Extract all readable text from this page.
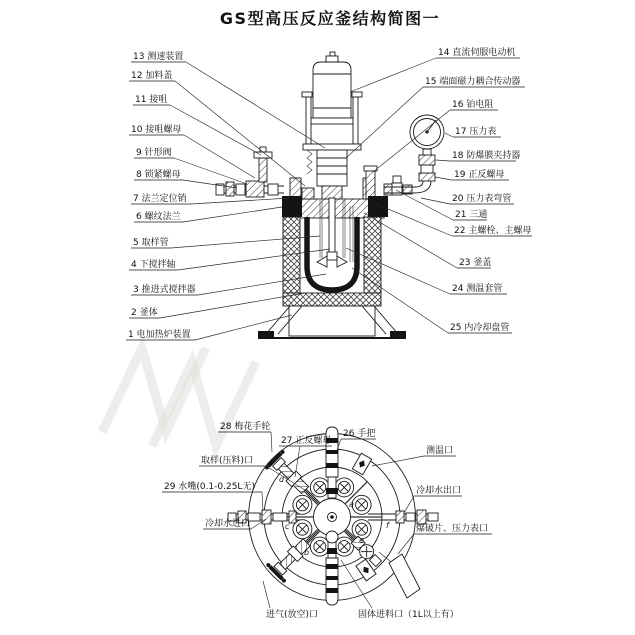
GS型高压反应釜结构简图一
13 测速装置
12 加料盖
11 接咀
10 接咀螺母
9 针形阀
8 锁紧螺母
7 法兰定位销
6 螺纹法兰
5 取样管
4 下搅拌轴
3 推进式搅拌器
2 釜体
1 电加热炉装置
14 直流伺服电动机
15 端面磁力耦合传动器
16 铂电阻
17 压力表
18 防爆膜夹持器
19 正反螺母
20 压力表弯管
21 三通
22 主螺栓、主螺母
23 釜盖
24 测温套管
25 内冷却盘管
a
b
c
d
e
f
28 梅花手轮
27 正反螺母
26 手把
取样(压料)口
测温口
29 水嘴(0.1-0.25L无)	冷却水出口
冷却水进口	爆破片、压力表口
进气(放空)口	固体进料口（1L以上有）
